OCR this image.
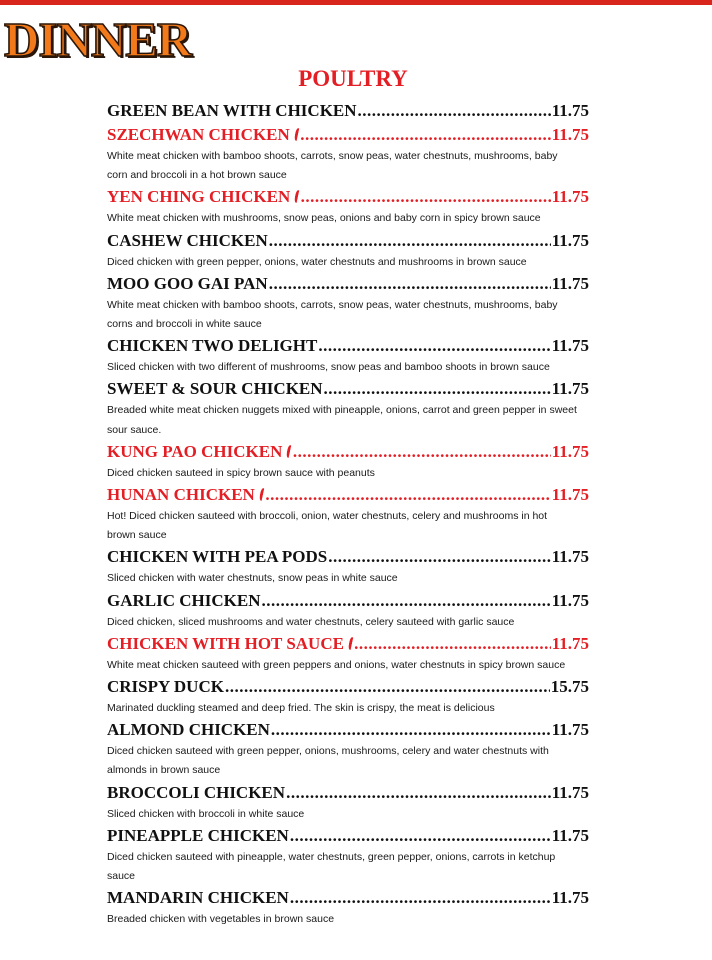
DINNER
POULTRY
GREEN BEAN WITH CHICKEN .....	11.75
SZECHWAN CHICKEN .....	11.75
White meat chicken with bamboo shoots, carrots, snow peas, water chestnuts, mushrooms, baby corn and broccoli in a hot brown sauce
YEN CHING CHICKEN .....	11.75
White meat chicken with mushrooms, snow peas, onions and baby corn in spicy brown sauce
CASHEW CHICKEN .....	11.75
Diced chicken with green pepper, onions, water chestnuts and mushrooms in brown sauce
MOO GOO GAI PAN .....	11.75
White meat chicken with bamboo shoots, carrots, snow peas, water chestnuts, mushrooms, baby corns and broccoli in white sauce
CHICKEN TWO DELIGHT .....	11.75
Sliced chicken with two different of mushrooms, snow peas and bamboo shoots in brown sauce
SWEET & SOUR CHICKEN .....	11.75
Breaded white meat chicken nuggets mixed with pineapple, onions, carrot and green pepper in sweet sour sauce.
KUNG PAO CHICKEN .....	11.75
Diced chicken sauteed in spicy brown sauce with peanuts
HUNAN CHICKEN .....	11.75
Hot! Diced chicken sauteed with broccoli, onion, water chestnuts, celery and mushrooms in hot brown sauce
CHICKEN WITH PEA PODS .....	11.75
Sliced chicken with water chestnuts, snow peas in white sauce
GARLIC CHICKEN .....	11.75
Diced chicken, sliced mushrooms and water chestnuts, celery sauteed with garlic sauce
CHICKEN WITH HOT SAUCE .....	11.75
White meat chicken sauteed with green peppers and onions, water chestnuts in spicy brown sauce
CRISPY DUCK .....	15.75
Marinated duckling steamed and deep fried. The skin is crispy, the meat is delicious
ALMOND CHICKEN .....	11.75
Diced chicken sauteed with green pepper, onions, mushrooms, celery and water chestnuts with almonds in brown sauce
BROCCOLI CHICKEN .....	11.75
Sliced chicken with broccoli in white sauce
PINEAPPLE CHICKEN .....	11.75
Diced chicken sauteed with pineapple, water chestnuts, green pepper, onions, carrots in ketchup sauce
MANDARIN CHICKEN .....	11.75
Breaded chicken with vegetables in brown sauce
